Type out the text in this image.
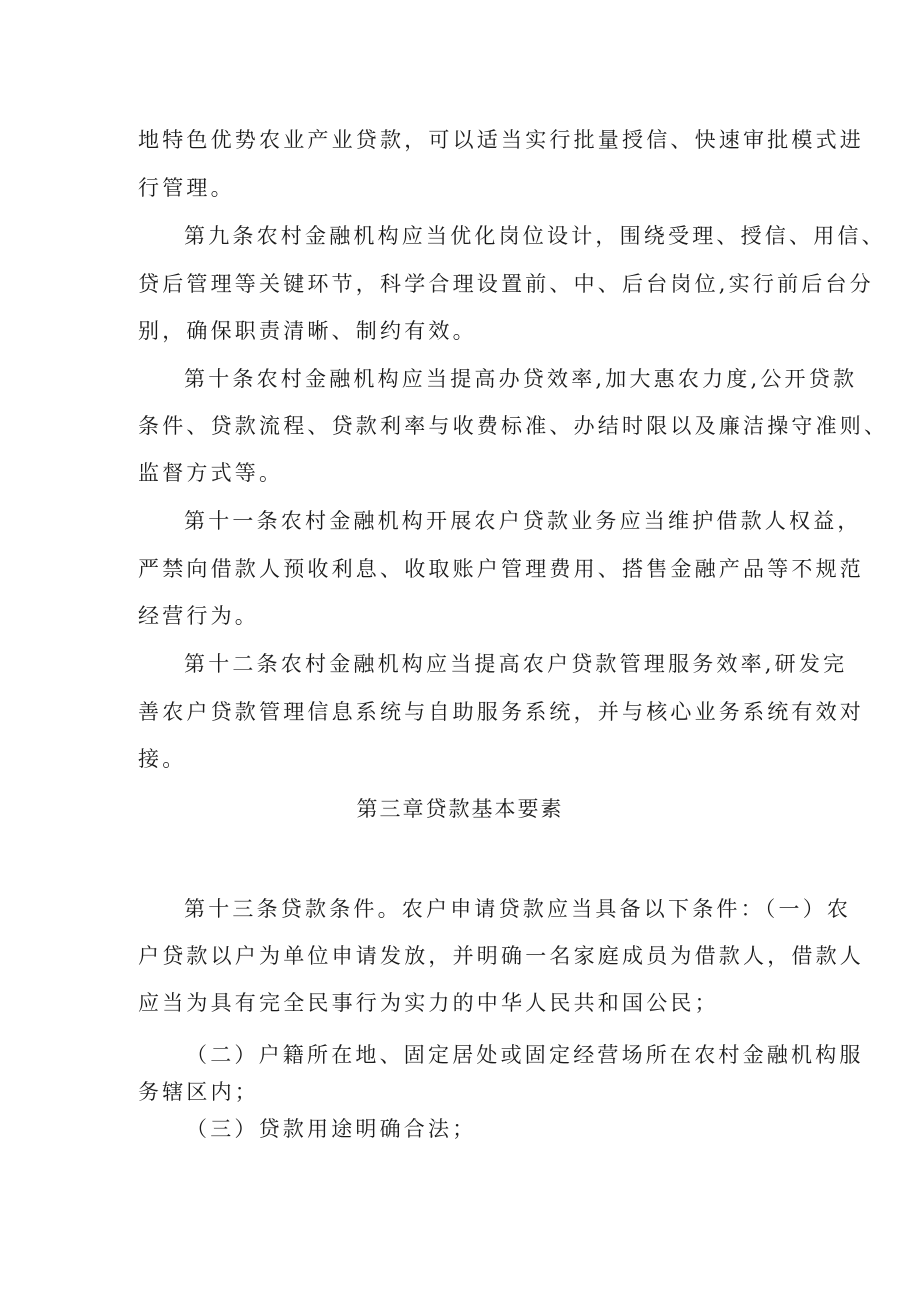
地特色优势农业产业贷款，可以适当实行批量授信、快速审批模式进
行管理。
第九条农村金融机构应当优化岗位设计，围绕受理、授信、用信、
贷后管理等关键环节，科学合理设置前、中、后台岗位,实行前后台分
别，确保职责清晰、制约有效。
第十条农村金融机构应当提高办贷效率,加大惠农力度,公开贷款
条件、贷款流程、贷款利率与收费标准、办结时限以及廉洁操守准则、
监督方式等。
第十一条农村金融机构开展农户贷款业务应当维护借款人权益，
严禁向借款人预收利息、收取账户管理费用、搭售金融产品等不规范
经营行为。
第十二条农村金融机构应当提高农户贷款管理服务效率,研发完
善农户贷款管理信息系统与自助服务系统，并与核心业务系统有效对
接。
第三章贷款基本要素
第十三条贷款条件。农户申请贷款应当具备以下条件：（一）农
户贷款以户为单位申请发放，并明确一名家庭成员为借款人，借款人
应当为具有完全民事行为实力的中华人民共和国公民；
（二）户籍所在地、固定居处或固定经营场所在农村金融机构服
务辖区内；
（三）贷款用途明确合法；
